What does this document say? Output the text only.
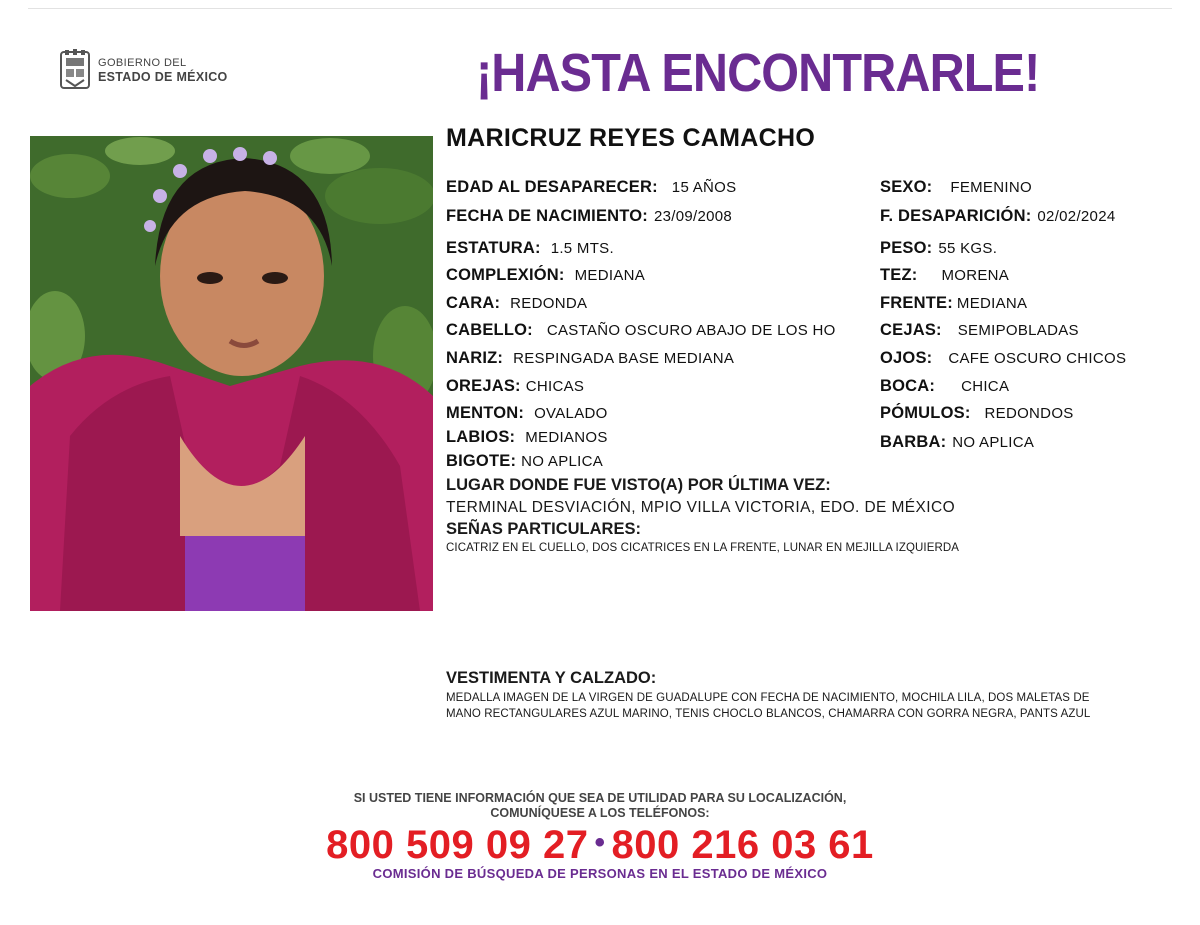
GOBIERNO DEL
ESTADO DE MÉXICO	¡HASTA ENCONTRARLE!
MARICRUZ REYES CAMACHO
EDAD AL DESAPARECER: 15 AÑOS
FECHA DE NACIMIENTO: 23/09/2008
ESTATURA: 1.5 MTS.
COMPLEXIÓN: MEDIANA
CARA: REDONDA
CABELLO: CASTAÑO OSCURO ABAJO DE LOS HO
NARIZ: RESPINGADA BASE MEDIANA
OREJAS: CHICAS
MENTON: OVALADO
LABIOS: MEDIANOS
BIGOTE: NO APLICA
SEXO: FEMENINO
F. DESAPARICIÓN: 02/02/2024
PESO: 55 KGS.
TEZ: MORENA
FRENTE: MEDIANA
CEJAS: SEMIPOBLADAS
OJOS: CAFE OSCURO CHICOS
BOCA: CHICA
PÓMULOS: REDONDOS
BARBA: NO APLICA
LUGAR DONDE FUE VISTO(A) POR ÚLTIMA VEZ:
TERMINAL DESVIACIÓN, MPIO VILLA VICTORIA, EDO. DE MÉXICO
SEÑAS PARTICULARES:
CICATRIZ EN EL CUELLO, DOS CICATRICES EN LA FRENTE, LUNAR EN MEJILLA IZQUIERDA
VESTIMENTA Y CALZADO:
MEDALLA IMAGEN DE LA VIRGEN DE GUADALUPE CON FECHA DE NACIMIENTO, MOCHILA LILA, DOS MALETAS DE
MANO RECTANGULARES AZUL MARINO, TENIS CHOCLO BLANCOS, CHAMARRA CON GORRA NEGRA, PANTS AZUL
SI USTED TIENE INFORMACIÓN QUE SEA DE UTILIDAD PARA SU LOCALIZACIÓN,
COMUNÍQUESE A LOS TELÉFONOS:
800 509 09 27 • 800 216 03 61
COMISIÓN DE BÚSQUEDA DE PERSONAS EN EL ESTADO DE MÉXICO
